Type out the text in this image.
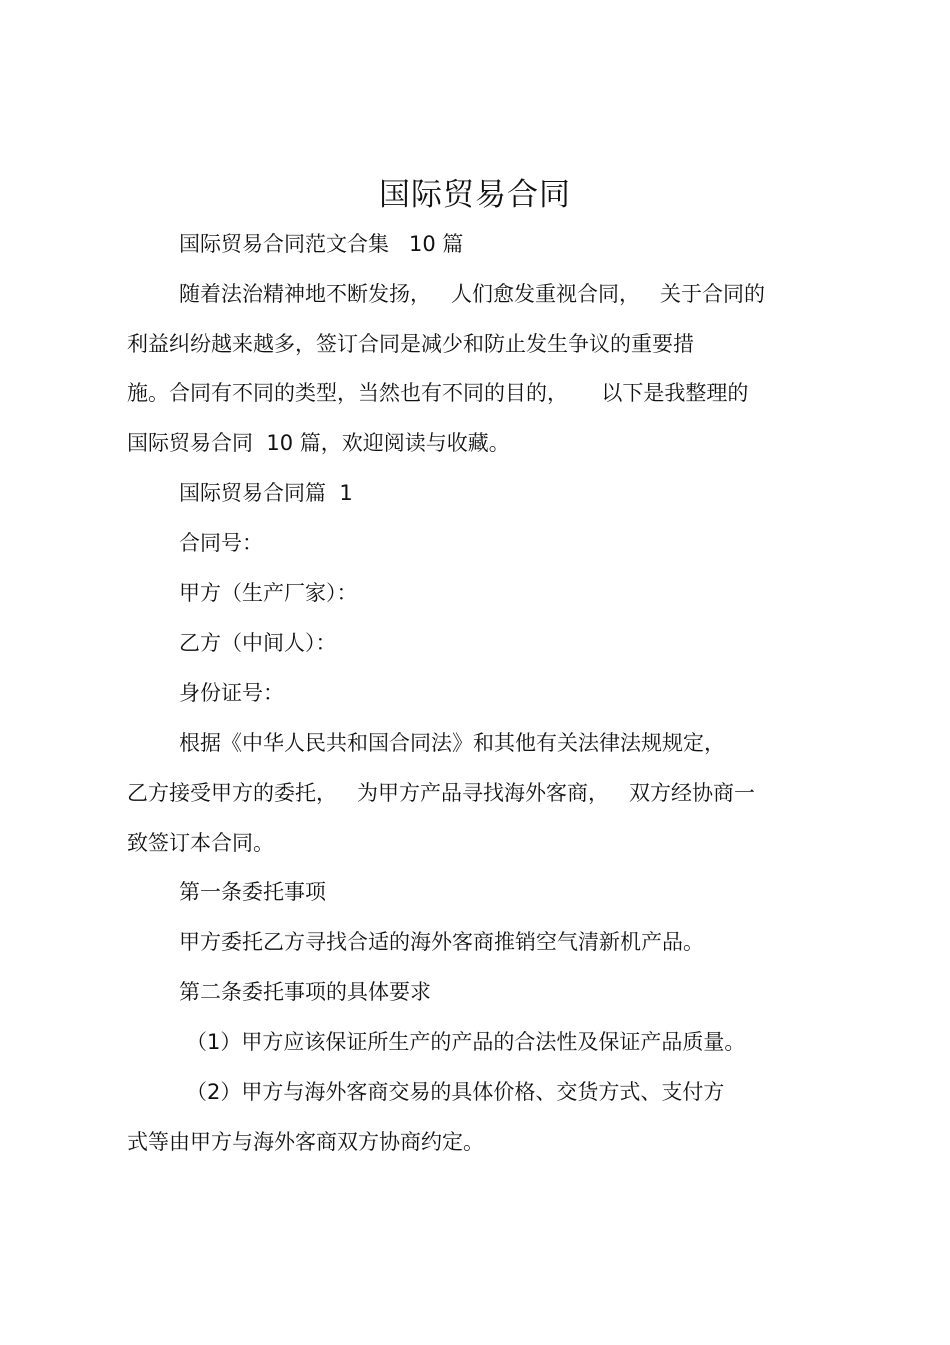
国际贸易合同
国际贸易合同范文合集   10 篇
随着法治精神地不断发扬，   人们愈发重视合同，   关于合同的
利益纠纷越来越多，签订合同是减少和防止发生争议的重要措
施。合同有不同的类型，当然也有不同的目的，     以下是我整理的
国际贸易合同  10 篇，欢迎阅读与收藏。
国际贸易合同篇  1
合同号：
甲方（生产厂家）：
乙方（中间人）：
身份证号：
根据《中华人民共和国合同法》和其他有关法律法规规定，
乙方接受甲方的委托，   为甲方产品寻找海外客商，   双方经协商一
致签订本合同。
第一条委托事项
甲方委托乙方寻找合适的海外客商推销空气清新机产品。
第二条委托事项的具体要求
（1）甲方应该保证所生产的产品的合法性及保证产品质量。
（2）甲方与海外客商交易的具体价格、交货方式、支付方
式等由甲方与海外客商双方协商约定。
